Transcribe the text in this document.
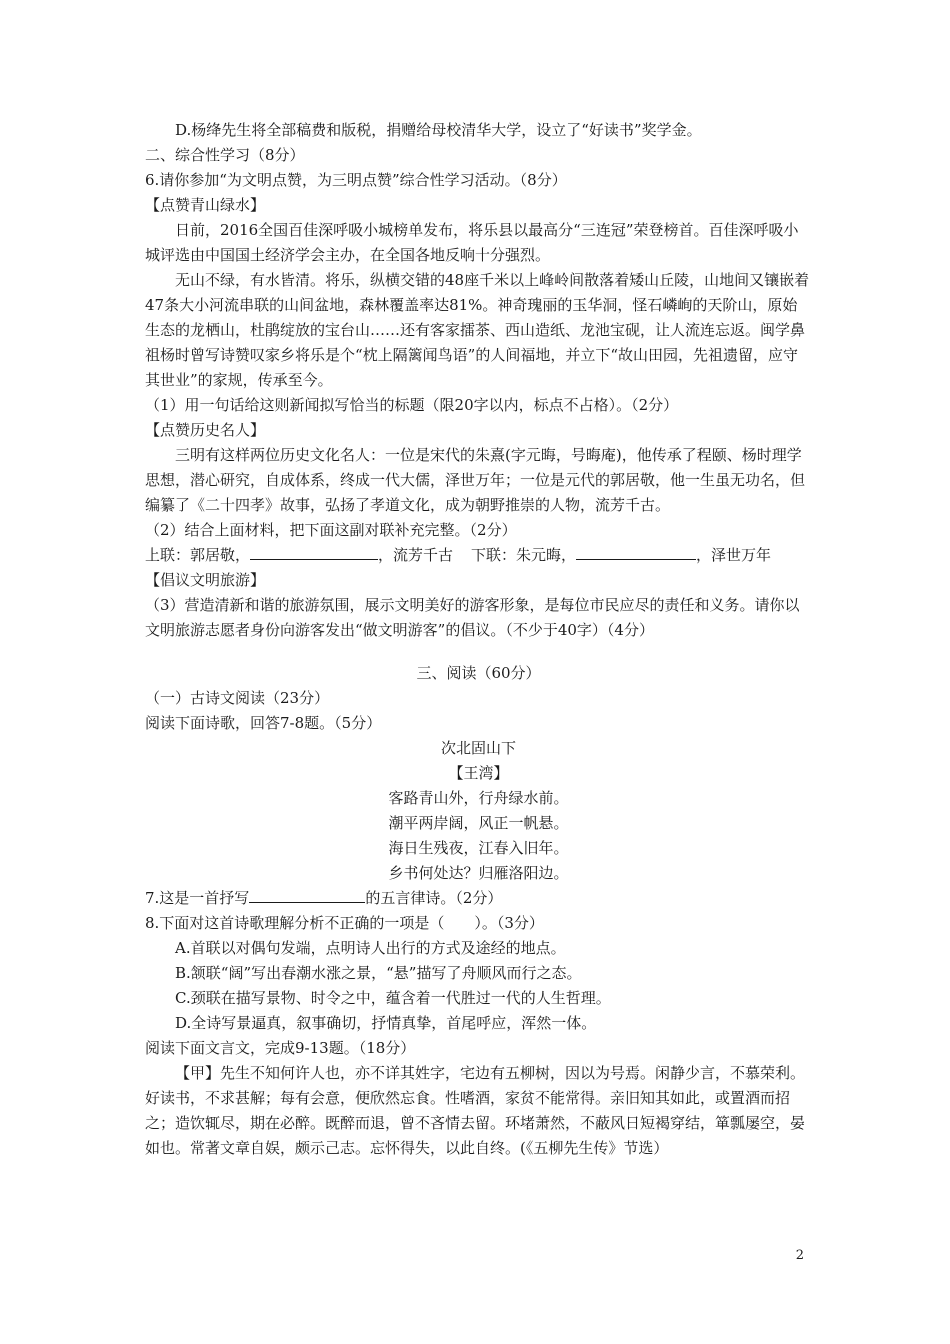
D.杨绛先生将全部稿费和版税，捐赠给母校清华大学，设立了“好读书”奖学金。

二、综合性学习（8分）

6.请你参加“为文明点赞，为三明点赞”综合性学习活动。（8分）

【点赞青山绿水】

日前，2016全国百佳深呼吸小城榜单发布，将乐县以最高分“三连冠”荣登榜首。百佳深呼吸小城评选由中国国土经济学会主办，在全国各地反响十分强烈。

无山不绿，有水皆清。将乐，纵横交错的48座千米以上峰岭间散落着矮山丘陵，山地间又镶嵌着47条大小河流串联的山间盆地，森林覆盖率达81%。神奇瑰丽的玉华洞，怪石嶙峋的天阶山，原始生态的龙栖山，杜鹃绽放的宝台山……还有客家擂茶、西山造纸、龙池宝砚，让人流连忘返。闽学鼻祖杨时曾写诗赞叹家乡将乐是个“枕上隔篱闻鸟语”的人间福地，并立下“故山田园，先祖遗留，应守其世业”的家规，传承至今。

（1）用一句话给这则新闻拟写恰当的标题（限20字以内，标点不占格）。（2分）

【点赞历史名人】

三明有这样两位历史文化名人：一位是宋代的朱熹(字元晦，号晦庵)，他传承了程颐、杨时理学思想，潜心研究，自成体系，终成一代大儒，泽世万年；一位是元代的郭居敬，他一生虽无功名，但编纂了《二十四孝》故事，弘扬了孝道文化，成为朝野推崇的人物，流芳千古。

（2）结合上面材料，把下面这副对联补充完整。（2分）

上联：郭居敬，	，流芳千古 下联：朱元晦，	，泽世万年

【倡议文明旅游】

（3）营造清新和谐的旅游氛围，展示文明美好的游客形象，是每位市民应尽的责任和义务。请你以文明旅游志愿者身份向游客发出“做文明游客”的倡议。（不少于40字）（4分）

三、阅读（60分）

（一）古诗文阅读（23分）

阅读下面诗歌，回答7-8题。（5分）

次北固山下

【王湾】

客路青山外，行舟绿水前。

潮平两岸阔，风正一帆悬。

海日生残夜，江春入旧年。

乡书何处达？归雁洛阳边。

7.这是一首抒写	的五言律诗。（2分）

8.下面对这首诗歌理解分析不正确的一项是（　　）。（3分）

A.首联以对偶句发端，点明诗人出行的方式及途经的地点。

B.颔联“阔”写出春潮水涨之景，“悬”描写了舟顺风而行之态。

C.颈联在描写景物、时令之中，蕴含着一代胜过一代的人生哲理。

D.全诗写景逼真，叙事确切，抒情真挚，首尾呼应，浑然一体。

阅读下面文言文，完成9-13题。（18分）

【甲】先生不知何许人也，亦不详其姓字，宅边有五柳树，因以为号焉。闲静少言，不慕荣利。好读书，不求甚解；每有会意，便欣然忘食。性嗜酒，家贫不能常得。亲旧知其如此，或置酒而招之；造饮辄尽，期在必醉。既醉而退，曾不吝情去留。环堵萧然，不蔽风日短褐穿结，箪瓢屡空，晏如也。常著文章自娱，颇示己志。忘怀得失，以此自终。(《五柳先生传》节选）

2
